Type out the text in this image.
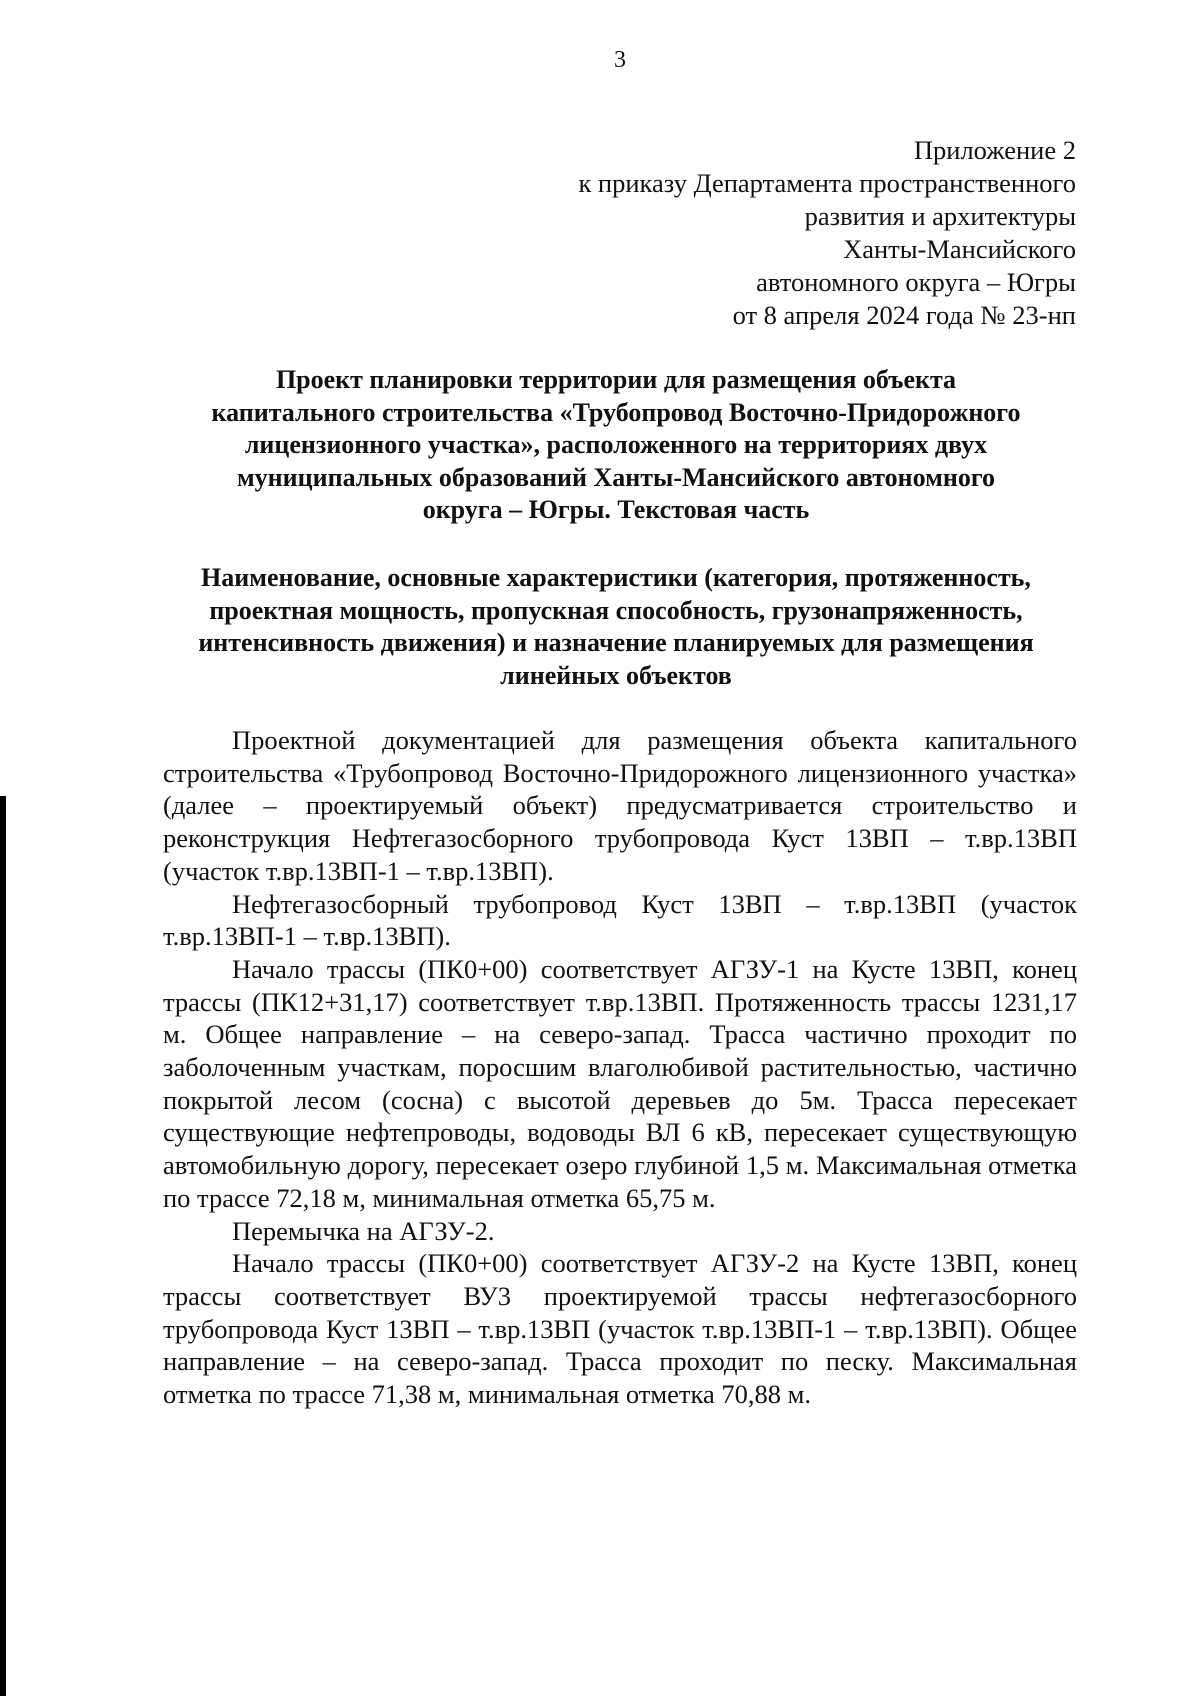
3
Приложение 2
к приказу Департамента пространственного
развития и архитектуры
Ханты-Мансийского
автономного округа – Югры
от 8 апреля 2024 года № 23-нп
Проект планировки территории для размещения объекта
капитального строительства «Трубопровод Восточно-Придорожного
лицензионного участка», расположенного на территориях двух
муниципальных образований Ханты-Мансийского автономного
округа – Югры. Текстовая часть
Наименование, основные характеристики (категория, протяженность,
проектная мощность, пропускная способность, грузонапряженность,
интенсивность движения) и назначение планируемых для размещения
линейных объектов

Проектной документацией для размещения объекта капитального строительства «Трубопровод Восточно-Придорожного лицензионного участка» (далее – проектируемый объект) предусматривается строительство и реконструкция Нефтегазосборного трубопровода Куст 13ВП – т.вр.13ВП (участок т.вр.13ВП-1 – т.вр.13ВП).

Нефтегазосборный трубопровод Куст 13ВП – т.вр.13ВП (участок т.вр.13ВП-1 – т.вр.13ВП).

Начало трассы (ПК0+00) соответствует АГЗУ-1 на Кусте 13ВП, конец трассы (ПК12+31,17) соответствует т.вр.13ВП. Протяженность трассы 1231,17 м. Общее направление – на северо-запад. Трасса частично проходит по заболоченным участкам, поросшим влаголюбивой растительностью, частично покрытой лесом (сосна) с высотой деревьев до 5м. Трасса пересекает существующие нефтепроводы, водоводы ВЛ 6 кВ, пересекает существующую автомобильную дорогу, пересекает озеро глубиной 1,5 м. Максимальная отметка по трассе 72,18 м, минимальная отметка 65,75 м.

Перемычка на АГЗУ-2.

Начало трассы (ПК0+00) соответствует АГЗУ-2 на Кусте 13ВП, конец трассы соответствует ВУ3 проектируемой трассы нефтегазосборного трубопровода Куст 13ВП – т.вр.13ВП (участок т.вр.13ВП-1 – т.вр.13ВП). Общее направление – на северо-запад. Трасса проходит по песку. Максимальная отметка по трассе 71,38 м, минимальная отметка 70,88 м.
